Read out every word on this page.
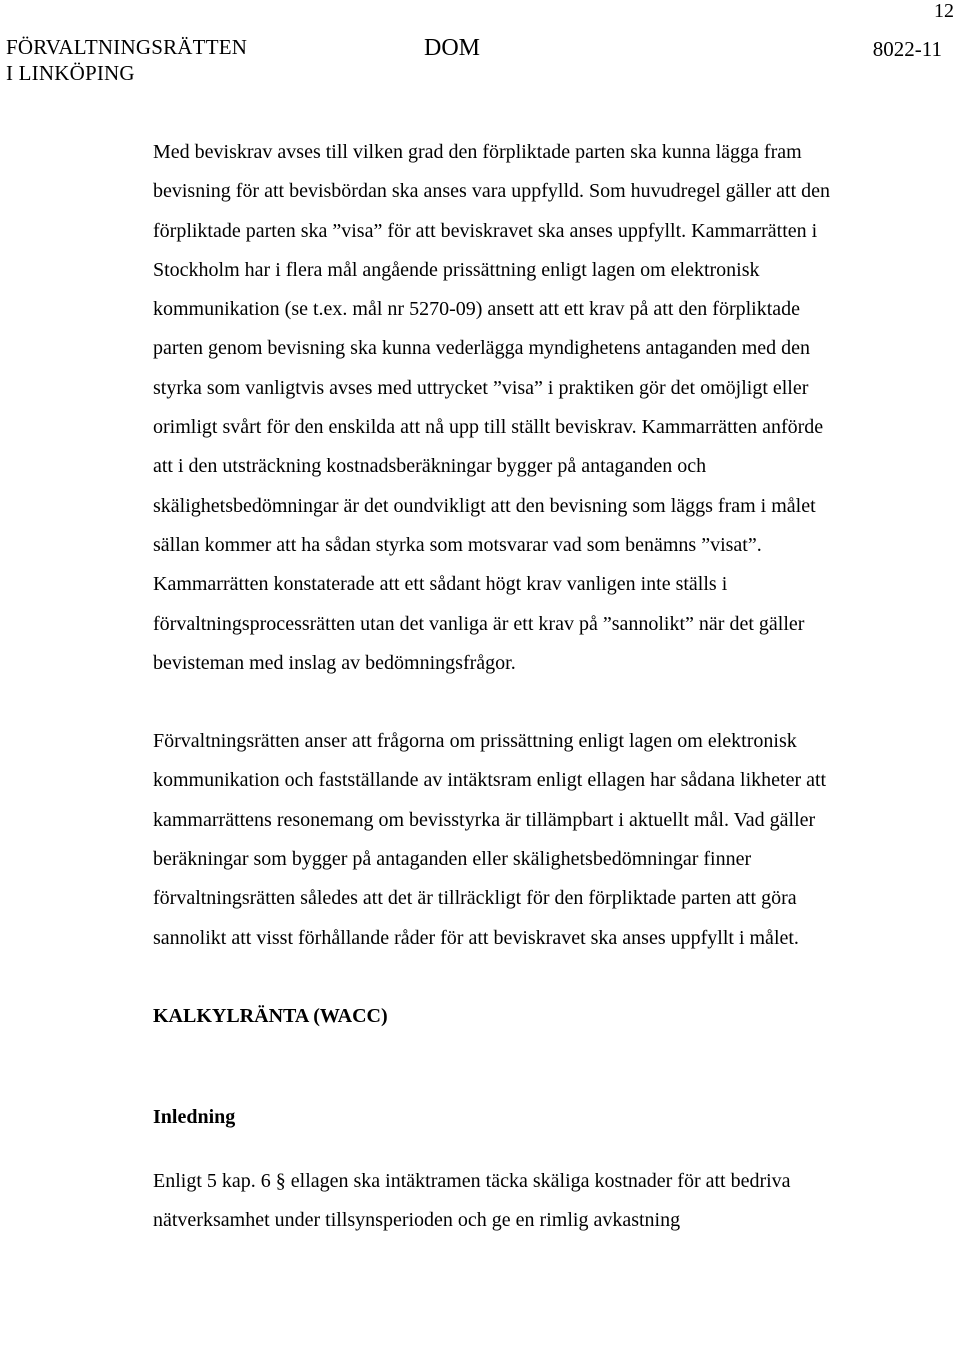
12
FÖRVALTNINGSRÄTTEN
I LINKÖPING
DOM	8022-11

Med beviskrav avses till vilken grad den förpliktade parten ska kunna lägga fram bevisning för att bevisbördan ska anses vara uppfylld. Som huvudregel gäller att den förpliktade parten ska ”visa” för att beviskravet ska anses uppfyllt. Kammarrätten i Stockholm har i flera mål angående prissättning enligt lagen om elektronisk kommunikation (se t.ex. mål nr 5270-09) ansett att ett krav på att den förpliktade parten genom bevisning ska kunna vederlägga myndighetens antaganden med den styrka som vanligtvis avses med uttrycket ”visa” i praktiken gör det omöjligt eller orimligt svårt för den enskilda att nå upp till ställt beviskrav. Kammarrätten anförde att i den utsträckning kostnadsberäkningar bygger på antaganden och skälighetsbedömningar är det oundvikligt att den bevisning som läggs fram i målet sällan kommer att ha sådan styrka som motsvarar vad som benämns ”visat”. Kammarrätten konstaterade att ett sådant högt krav vanligen inte ställs i förvaltningsprocessrätten utan det vanliga är ett krav på ”sannolikt” när det gäller bevisteman med inslag av bedömningsfrågor.

Förvaltningsrätten anser att frågorna om prissättning enligt lagen om elektronisk kommunikation och fastställande av intäktsram enligt ellagen har sådana likheter att kammarrättens resonemang om bevisstyrka är tillämpbart i aktuellt mål. Vad gäller beräkningar som bygger på antaganden eller skälighetsbedömningar finner förvaltningsrätten således att det är tillräckligt för den förpliktade parten att göra sannolikt att visst förhållande råder för att beviskravet ska anses uppfyllt i målet.

KALKYLRÄNTA (WACC)
Inledning

Enligt 5 kap. 6 § ellagen ska intäktramen täcka skäliga kostnader för att bedriva nätverksamhet under tillsynsperioden och ge en rimlig avkastning
